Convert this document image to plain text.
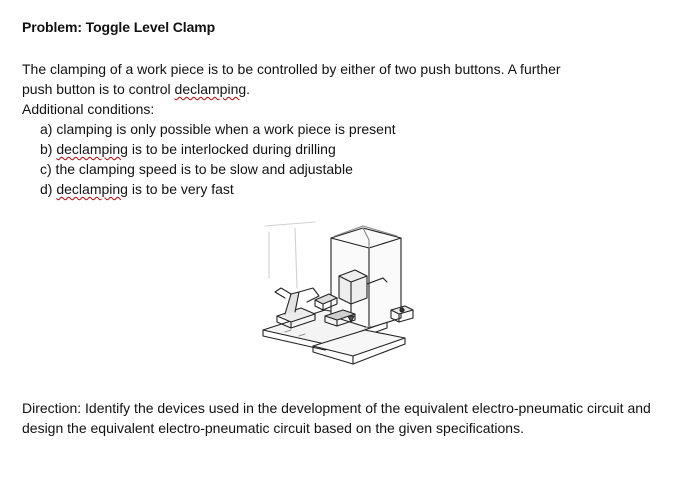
Problem: Toggle Level Clamp

The clamping of a work piece is to be controlled by either of two push buttons. A further

push button is to control declamping.

Additional conditions:

a) clamping is only possible when a work piece is present
b) declamping is to be interlocked during drilling
c) the clamping speed is to be slow and adjustable
d) declamping is to be very fast

Direction: Identify the devices used in the development of the equivalent electro-pneumatic circuit and design the equivalent electro-pneumatic circuit based on the given specifications.
